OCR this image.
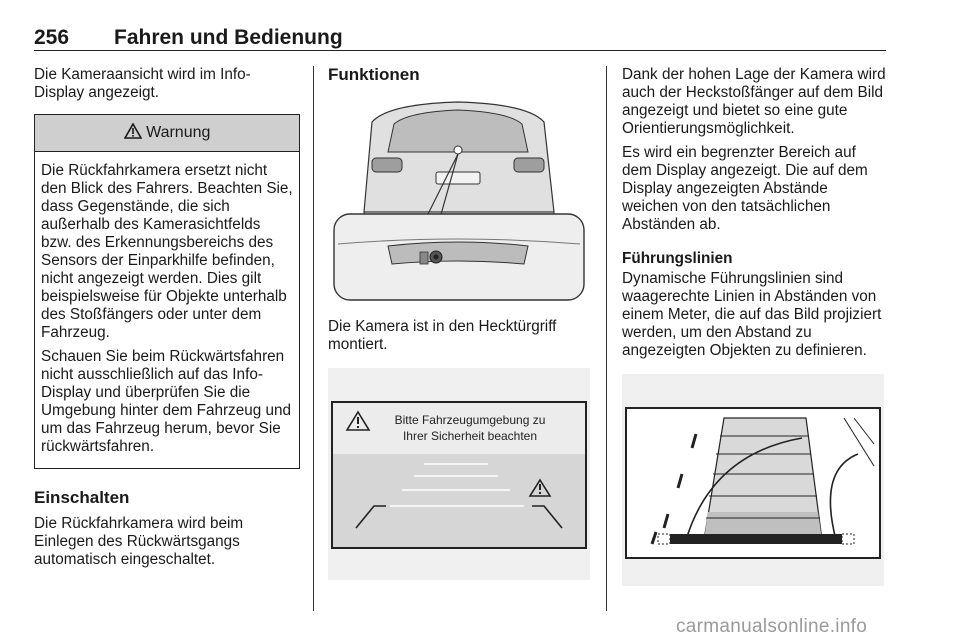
256 Fahren und Bedienung

Die Kameraansicht wird im Info-Display angezeigt.

Warnung

Die Rückfahrkamera ersetzt nicht den Blick des Fahrers. Beachten Sie, dass Gegenstände, die sich außerhalb des Kamerasichtfelds bzw. des Erkennungsbereichs des Sensors der Einparkhilfe befinden, nicht angezeigt werden. Dies gilt beispielsweise für Objekte unterhalb des Stoßfängers oder unter dem Fahrzeug.

Schauen Sie beim Rückwärtsfahren nicht ausschließlich auf das Info-Display und überprüfen Sie die Umgebung hinter dem Fahrzeug und um das Fahrzeug herum, bevor Sie rückwärtsfahren.

Einschalten

Die Rückfahrkamera wird beim Einlegen des Rückwärtsgangs automatisch eingeschaltet.

Funktionen

Die Kamera ist in den Hecktürgriff montiert.

Bitte Fahrzeugumgebung zu
Ihrer Sicherheit beachten

Dank der hohen Lage der Kamera wird auch der Heckstoßfänger auf dem Bild angezeigt und bietet so eine gute Orientierungsmöglichkeit.

Es wird ein begrenzter Bereich auf dem Display angezeigt. Die auf dem Display angezeigten Abstände weichen von den tatsächlichen Abständen ab.

Führungslinien

Dynamische Führungslinien sind waagerechte Linien in Abständen von einem Meter, die auf das Bild projiziert werden, um den Abstand zu angezeigten Objekten zu definieren.

carmanualsonline.info
